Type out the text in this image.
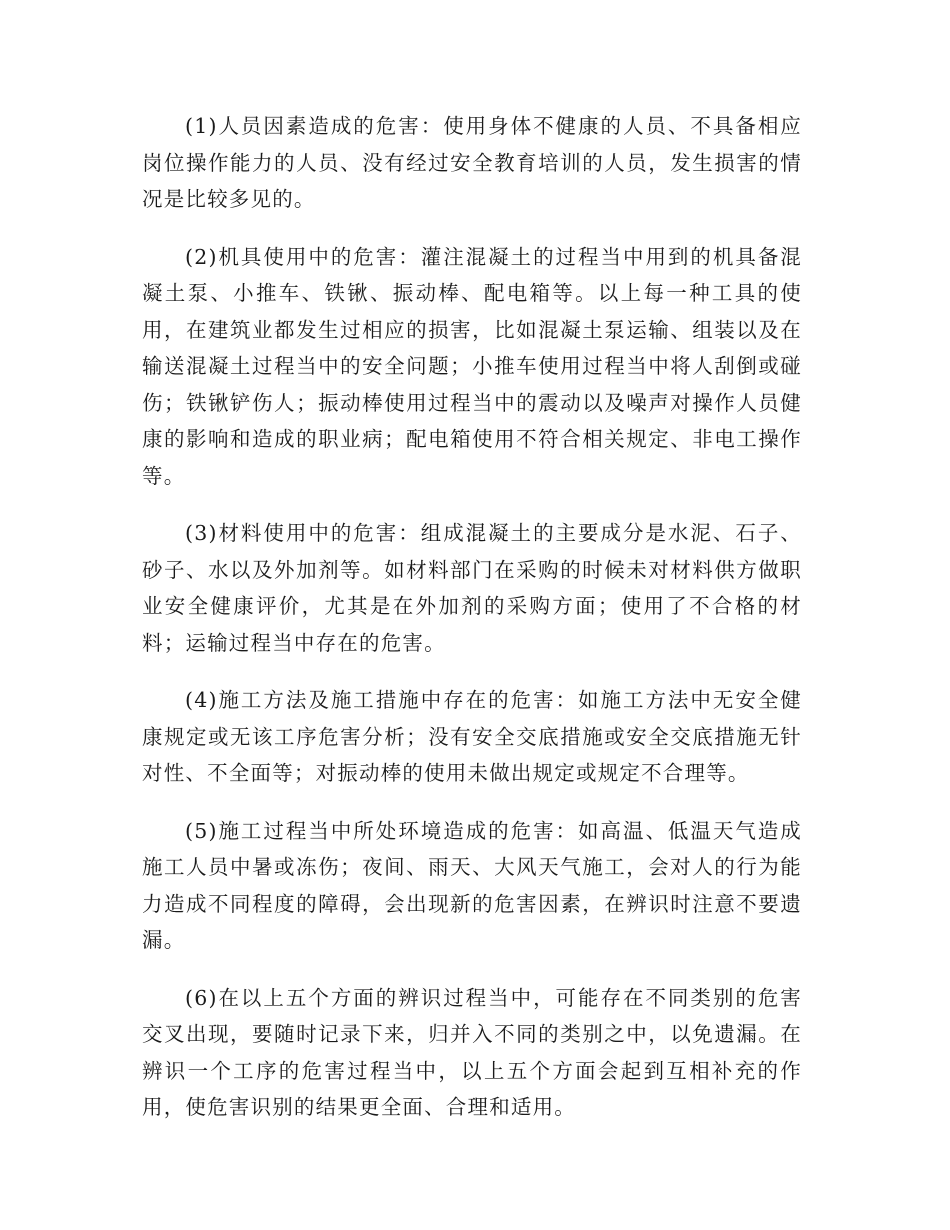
(1)人员因素造成的危害：使用身体不健康的人员、不具备相应岗位操作能力的人员、没有经过安全教育培训的人员，发生损害的情况是比较多见的。

(2)机具使用中的危害：灌注混凝土的过程当中用到的机具备混凝土泵、小推车、铁锹、振动棒、配电箱等。以上每一种工具的使用，在建筑业都发生过相应的损害，比如混凝土泵运输、组装以及在输送混凝土过程当中的安全问题；小推车使用过程当中将人刮倒或碰伤；铁锹铲伤人；振动棒使用过程当中的震动以及噪声对操作人员健康的影响和造成的职业病；配电箱使用不符合相关规定、非电工操作等。

(3)材料使用中的危害：组成混凝土的主要成分是水泥、石子、砂子、水以及外加剂等。如材料部门在采购的时候未对材料供方做职业安全健康评价，尤其是在外加剂的采购方面；使用了不合格的材料；运输过程当中存在的危害。

(4)施工方法及施工措施中存在的危害：如施工方法中无安全健康规定或无该工序危害分析；没有安全交底措施或安全交底措施无针对性、不全面等；对振动棒的使用未做出规定或规定不合理等。

(5)施工过程当中所处环境造成的危害：如高温、低温天气造成施工人员中暑或冻伤；夜间、雨天、大风天气施工，会对人的行为能力造成不同程度的障碍，会出现新的危害因素，在辨识时注意不要遗漏。

(6)在以上五个方面的辨识过程当中，可能存在不同类别的危害交叉出现，要随时记录下来，归并入不同的类别之中，以免遗漏。在辨识一个工序的危害过程当中，以上五个方面会起到互相补充的作用，使危害识别的结果更全面、合理和适用。
